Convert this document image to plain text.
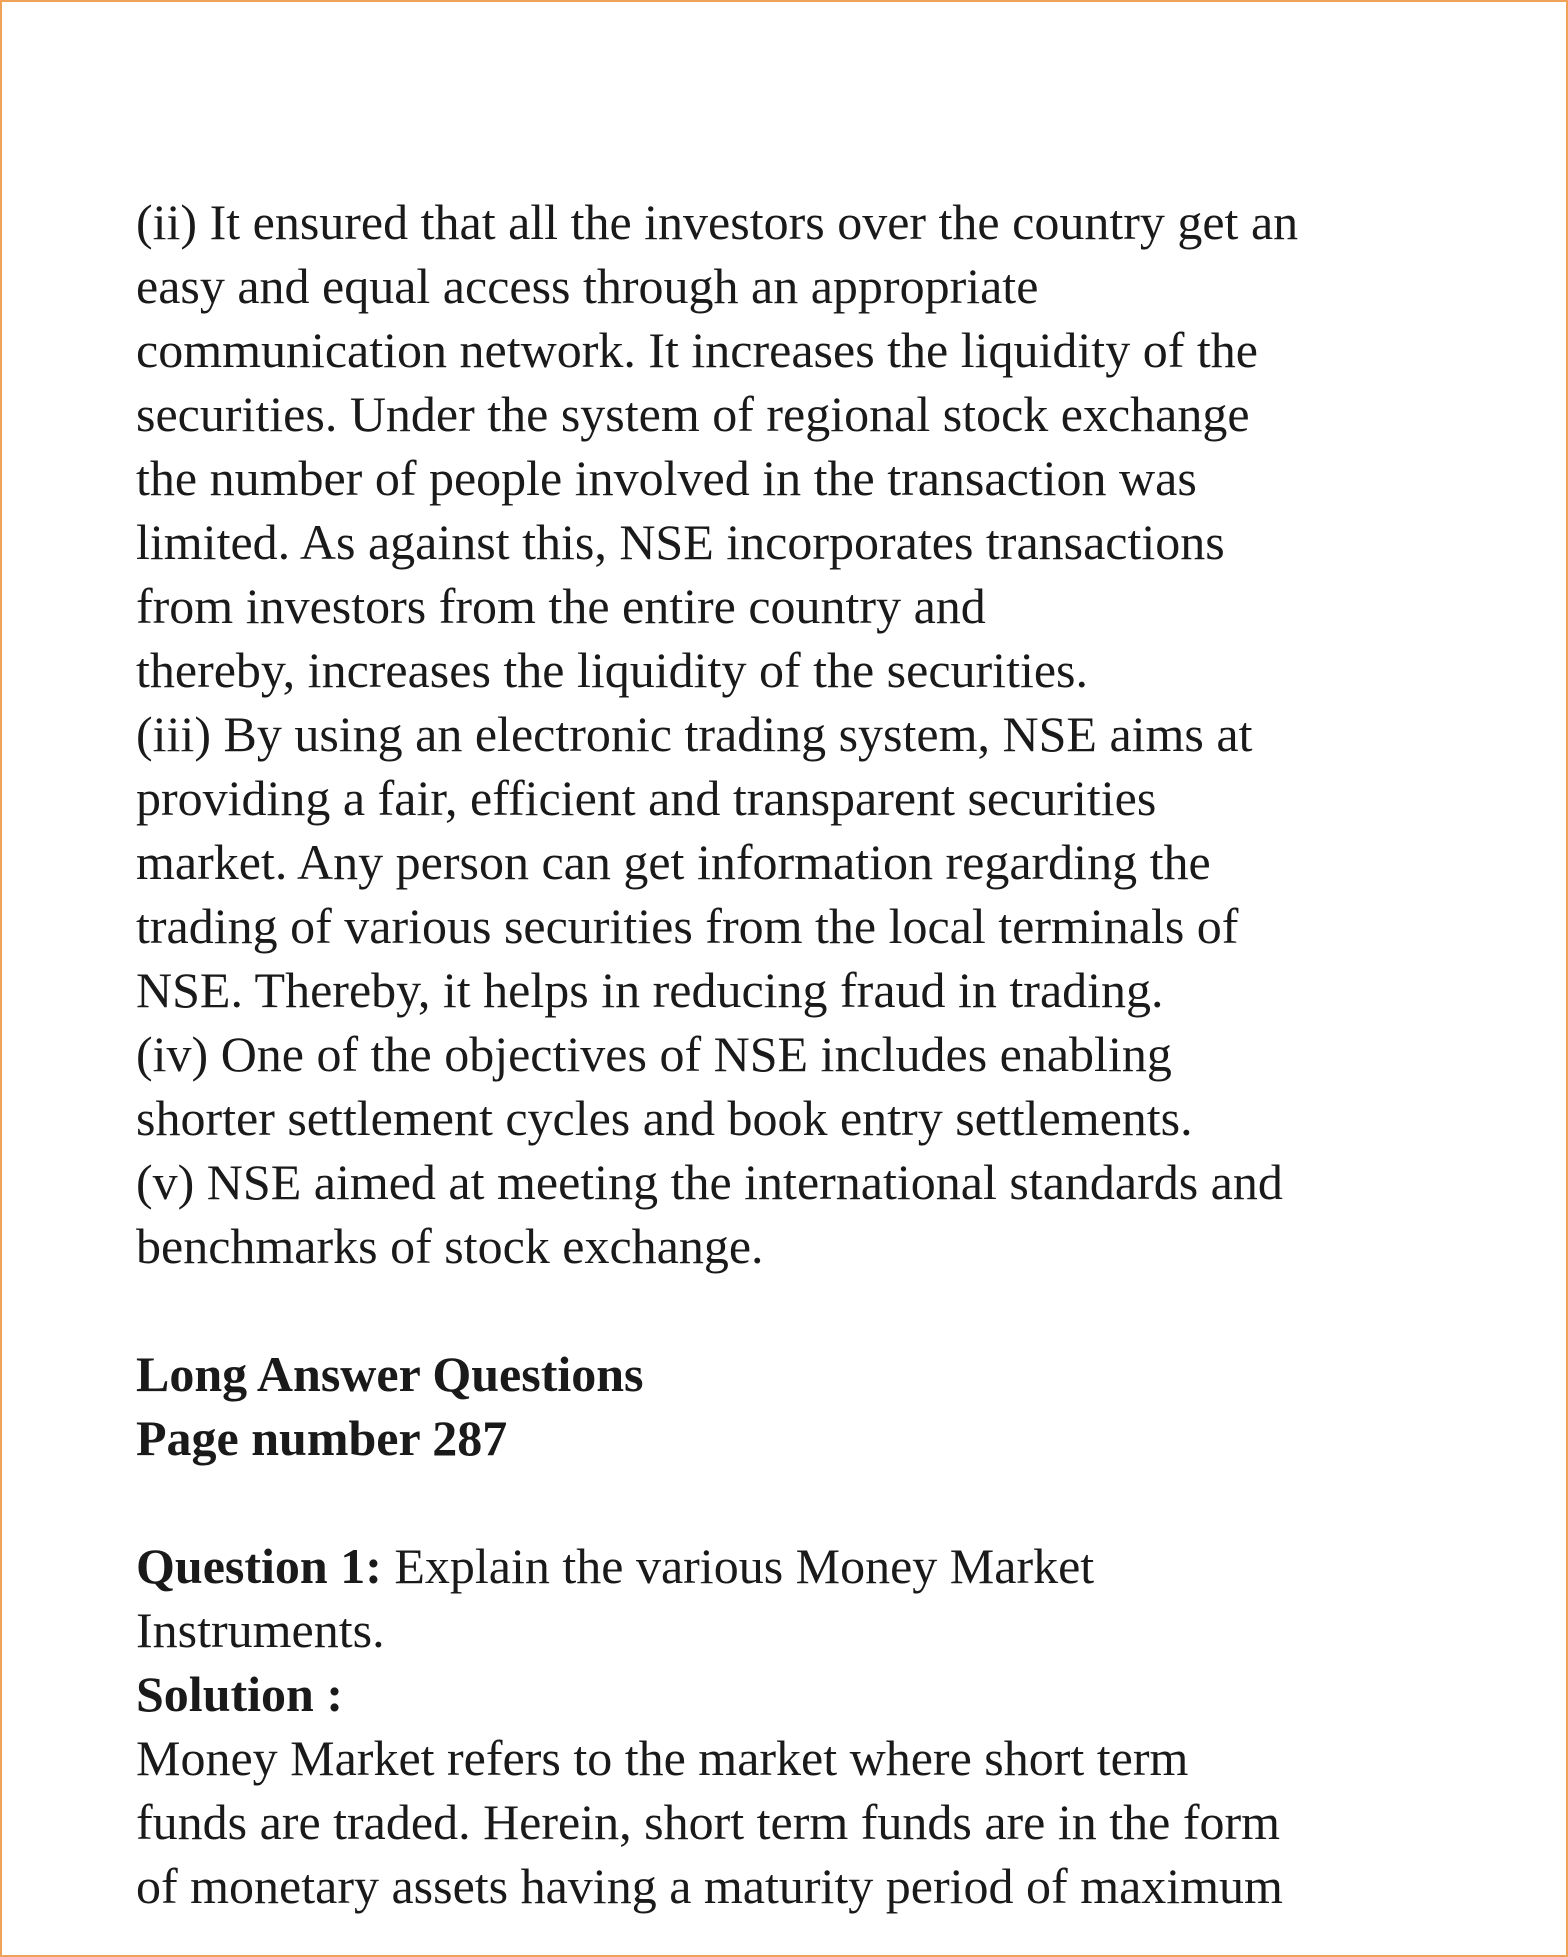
(ii) It ensured that all the investors over the country get an
easy and equal access through an appropriate
communication network. It increases the liquidity of the
securities. Under the system of regional stock exchange
the number of people involved in the transaction was
limited. As against this, NSE incorporates transactions
from investors from the entire country and
thereby, increases the liquidity of the securities.
(iii) By using an electronic trading system, NSE aims at
providing a fair, efficient and transparent securities
market. Any person can get information regarding the
trading of various securities from the local terminals of
NSE. Thereby, it helps in reducing fraud in trading.
(iv) One of the objectives of NSE includes enabling
shorter settlement cycles and book entry settlements.
(v) NSE aimed at meeting the international standards and
benchmarks of stock exchange.
Long Answer Questions
Page number 287
Question 1: Explain the various Money Market
Instruments.
Solution :
Money Market refers to the market where short term
funds are traded. Herein, short term funds are in the form
of monetary assets having a maturity period of maximum
